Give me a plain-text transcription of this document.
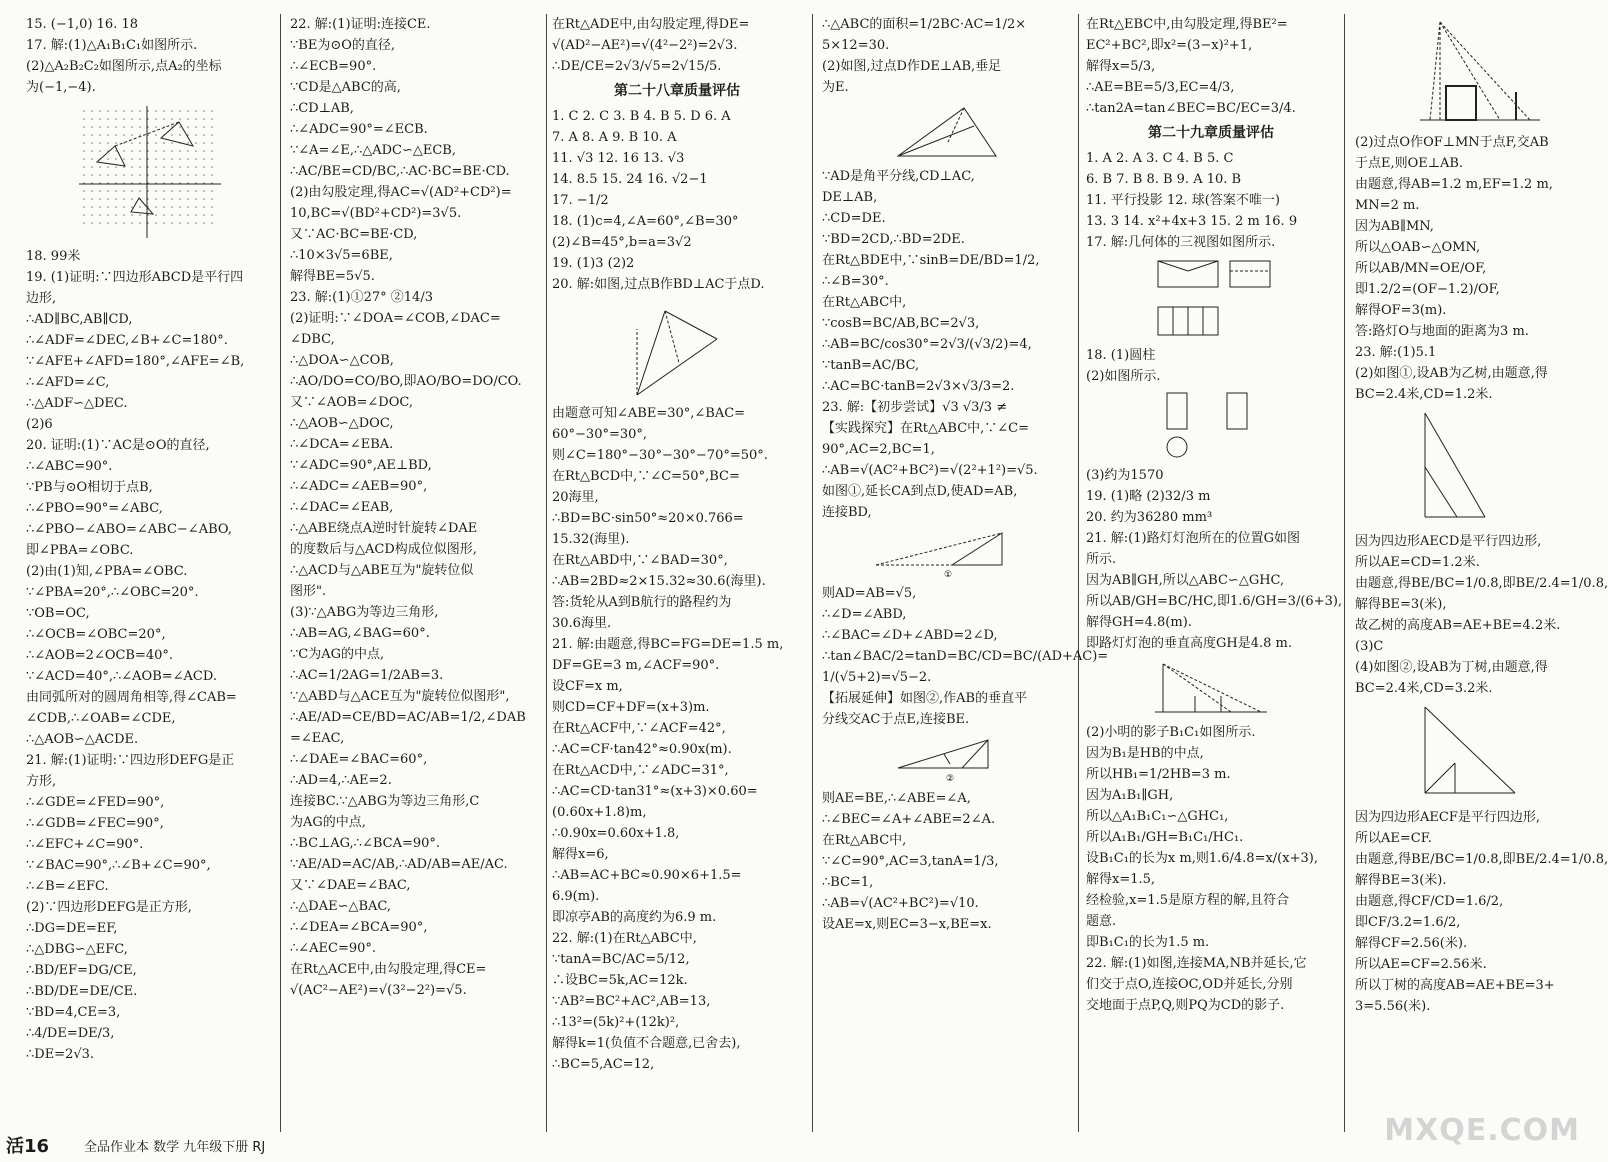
15. (−1,0) 16. 18
17. 解:(1)△A₁B₁C₁如图所示.
(2)△A₂B₂C₂如图所示,点A₂的坐标
为(−1,−4).
18. 99米
19. (1)证明:∵四边形ABCD是平行四
边形,
∴AD∥BC,AB∥CD,
∴∠ADF=∠DEC,∠B+∠C=180°.
∵∠AFE+∠AFD=180°,∠AFE=∠B,
∴∠AFD=∠C,
∴△ADF∽△DEC.
(2)6
20. 证明:(1)∵AC是⊙O的直径,
∴∠ABC=90°.
∵PB与⊙O相切于点B,
∴∠PBO=90°=∠ABC,
∴∠PBO−∠ABO=∠ABC−∠ABO,
即∠PBA=∠OBC.
(2)由(1)知,∠PBA=∠OBC.
∵∠PBA=20°,∴∠OBC=20°.
∵OB=OC,
∴∠OCB=∠OBC=20°,
∴∠AOB=2∠OCB=40°.
∵∠ACD=40°,∴∠AOB=∠ACD.
由同弧所对的圆周角相等,得∠CAB=
∠CDB,∴∠OAB=∠CDE,
∴△AOB∽△ACDE.
21. 解:(1)证明:∵四边形DEFG是正
方形,
∴∠GDE=∠FED=90°,
∴∠GDB=∠FEC=90°,
∴∠EFC+∠C=90°.
∵∠BAC=90°,∴∠B+∠C=90°,
∴∠B=∠EFC.
(2)∵四边形DEFG是正方形,
∴DG=DE=EF,
∴△DBG∽△EFC,
∴BD/EF=DG/CE,
∴BD/DE=DE/CE.
∵BD=4,CE=3,
∴4/DE=DE/3,
∴DE=2√3.
22. 解:(1)证明:连接CE.
∵BE为⊙O的直径,
∴∠ECB=90°.
∵CD是△ABC的高,
∴CD⊥AB,
∴∠ADC=90°=∠ECB.
∵∠A=∠E,∴△ADC∽△ECB,
∴AC/BE=CD/BC,∴AC·BC=BE·CD.
(2)由勾股定理,得AC=√(AD²+CD²)=
10,BC=√(BD²+CD²)=3√5.
又∵AC·BC=BE·CD,
∴10×3√5=6BE,
解得BE=5√5.
23. 解:(1)①27° ②14/3
(2)证明:∵∠DOA=∠COB,∠DAC=
∠DBC,
∴△DOA∽△COB,
∴AO/DO=CO/BO,即AO/BO=DO/CO.
又∵∠AOB=∠DOC,
∴△AOB∽△DOC,
∴∠DCA=∠EBA.
∵∠ADC=90°,AE⊥BD,
∴∠ADC=∠AEB=90°,
∴∠DAC=∠EAB,
∴△ABE绕点A逆时针旋转∠DAE
的度数后与△ACD构成位似图形,
∴△ACD与△ABE互为"旋转位似
图形".
(3)∵△ABG为等边三角形,
∴AB=AG,∠BAG=60°.
∵C为AG的中点,
∴AC=1/2AG=1/2AB=3.
∵△ABD与△ACE互为"旋转位似图形",
∴AE/AD=CE/BD=AC/AB=1/2,∠DAB
=∠EAC,
∴∠DAE=∠BAC=60°,
∴AD=4,∴AE=2.
连接BC.∵△ABG为等边三角形,C
为AG的中点,
∴BC⊥AG,∴∠BCA=90°.
∵AE/AD=AC/AB,∴AD/AB=AE/AC.
又∵∠DAE=∠BAC,
∴△DAE∽△BAC,
∴∠DEA=∠BCA=90°,
∴∠AEC=90°.
在Rt△ACE中,由勾股定理,得CE=
√(AC²−AE²)=√(3²−2²)=√5.
在Rt△ADE中,由勾股定理,得DE=
√(AD²−AE²)=√(4²−2²)=2√3.
∴DE/CE=2√3/√5=2√15/5.
第二十八章质量评估
1. C 2. C 3. B 4. B 5. D 6. A
7. A 8. A 9. B 10. A
11. √3 12. 16 13. √3
14. 8.5 15. 24 16. √2−1
17. −1/2
18. (1)c=4,∠A=60°,∠B=30°
(2)∠B=45°,b=a=3√2
19. (1)3 (2)2
20. 解:如图,过点B作BD⊥AC于点D.
由题意可知∠ABE=30°,∠BAC=
60°−30°=30°,
则∠C=180°−30°−30°−70°=50°.
在Rt△BCD中,∵∠C=50°,BC=
20海里,
∴BD=BC·sin50°≈20×0.766=
15.32(海里).
在Rt△ABD中,∵∠BAD=30°,
∴AB=2BD≈2×15.32≈30.6(海里).
答:货轮从A到B航行的路程约为
30.6海里.
21. 解:由题意,得BC=FG=DE=1.5 m,
DF=GE=3 m,∠ACF=90°.
设CF=x m,
则CD=CF+DF=(x+3)m.
在Rt△ACF中,∵∠ACF=42°,
∴AC=CF·tan42°≈0.90x(m).
在Rt△ACD中,∵∠ADC=31°,
∴AC=CD·tan31°≈(x+3)×0.60=
(0.60x+1.8)m,
∴0.90x=0.60x+1.8,
解得x=6,
∴AB=AC+BC≈0.90×6+1.5=
6.9(m).
即凉亭AB的高度约为6.9 m.
22. 解:(1)在Rt△ABC中,
∵tanA=BC/AC=5/12,
∴设BC=5k,AC=12k.
∵AB²=BC²+AC²,AB=13,
∴13²=(5k)²+(12k)²,
解得k=1(负值不合题意,已舍去),
∴BC=5,AC=12,
∴△ABC的面积=1/2BC·AC=1/2×
5×12=30.
(2)如图,过点D作DE⊥AB,垂足
为E.
∵AD是角平分线,CD⊥AC,
DE⊥AB,
∴CD=DE.
∵BD=2CD,∴BD=2DE.
在Rt△BDE中,∵sinB=DE/BD=1/2,
∴∠B=30°.
在Rt△ABC中,
∵cosB=BC/AB,BC=2√3,
∴AB=BC/cos30°=2√3/(√3/2)=4,
∵tanB=AC/BC,
∴AC=BC·tanB=2√3×√3/3=2.
23. 解:【初步尝试】√3 √3/3 ≠
【实践探究】在Rt△ABC中,∵∠C=
90°,AC=2,BC=1,
∴AB=√(AC²+BC²)=√(2²+1²)=√5.
如图①,延长CA到点D,使AD=AB,
连接BD,
①
则AD=AB=√5,
∴∠D=∠ABD,
∴∠BAC=∠D+∠ABD=2∠D,
∴tan∠BAC/2=tanD=BC/CD=BC/(AD+AC)=
1/(√5+2)=√5−2.
【拓展延伸】如图②,作AB的垂直平
分线交AC于点E,连接BE.
②
则AE=BE,∴∠ABE=∠A,
∴∠BEC=∠A+∠ABE=2∠A.
在Rt△ABC中,
∵∠C=90°,AC=3,tanA=1/3,
∴BC=1,
∴AB=√(AC²+BC²)=√10.
设AE=x,则EC=3−x,BE=x.
在Rt△EBC中,由勾股定理,得BE²=
EC²+BC²,即x²=(3−x)²+1,
解得x=5/3,
∴AE=BE=5/3,EC=4/3,
∴tan2A=tan∠BEC=BC/EC=3/4.
第二十九章质量评估
1. A 2. A 3. C 4. B 5. C
6. B 7. B 8. B 9. A 10. B
11. 平行投影 12. 球(答案不唯一)
13. 3 14. x²+4x+3 15. 2 m 16. 9
17. 解:几何体的三视图如图所示.
18. (1)圆柱
(2)如图所示.
(3)约为1570
19. (1)略 (2)32/3 m
20. 约为36280 mm³
21. 解:(1)路灯灯泡所在的位置G如图
所示.
因为AB∥GH,所以△ABC∽△GHC,
所以AB/GH=BC/HC,即1.6/GH=3/(6+3),
解得GH=4.8(m).
即路灯灯泡的垂直高度GH是4.8 m.
(2)小明的影子B₁C₁如图所示.
因为B₁是HB的中点,
所以HB₁=1/2HB=3 m.
因为A₁B₁∥GH,
所以△A₁B₁C₁∽△GHC₁,
所以A₁B₁/GH=B₁C₁/HC₁.
设B₁C₁的长为x m,则1.6/4.8=x/(x+3),
解得x=1.5,
经检验,x=1.5是原方程的解,且符合
题意.
即B₁C₁的长为1.5 m.
22. 解:(1)如图,连接MA,NB并延长,它
们交于点O,连接OC,OD并延长,分别
交地面于点P,Q,则PQ为CD的影子.
(2)过点O作OF⊥MN于点F,交AB
于点E,则OE⊥AB.
由题意,得AB=1.2 m,EF=1.2 m,
MN=2 m.
因为AB∥MN,
所以△OAB∽△OMN,
所以AB/MN=OE/OF,
即1.2/2=(OF−1.2)/OF,
解得OF=3(m).
答:路灯O与地面的距离为3 m.
23. 解:(1)5.1
(2)如图①,设AB为乙树,由题意,得
BC=2.4米,CD=1.2米.
因为四边形AECD是平行四边形,
所以AE=CD=1.2米.
由题意,得BE/BC=1/0.8,即BE/2.4=1/0.8,
解得BE=3(米),
故乙树的高度AB=AE+BE=4.2米.
(3)C
(4)如图②,设AB为丁树,由题意,得
BC=2.4米,CD=3.2米.
因为四边形AECF是平行四边形,
所以AE=CF.
由题意,得BE/BC=1/0.8,即BE/2.4=1/0.8,
解得BE=3(米).
由题意,得CF/CD=1.6/2,
即CF/3.2=1.6/2,
解得CF=2.56(米).
所以AE=CF=2.56米.
所以丁树的高度AB=AE+BE=3+
3=5.56(米).
活16	全品作业本 数学 九年级下册 RJ	MXQE.COM
